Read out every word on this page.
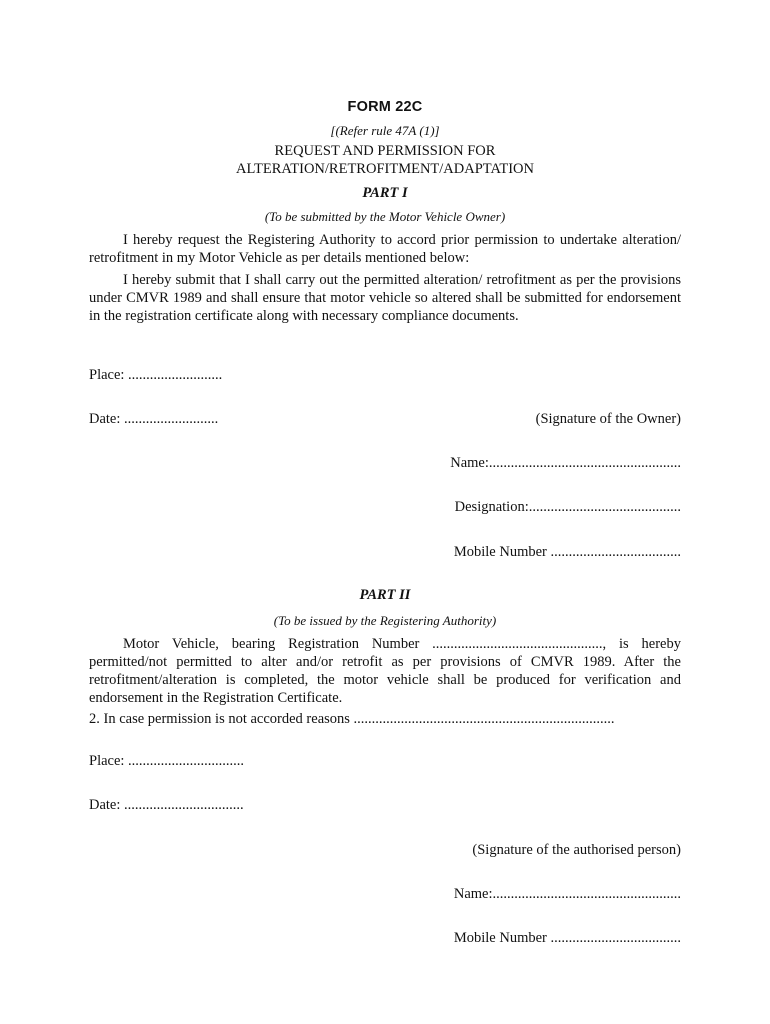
FORM 22C
[(Refer rule 47A (1)]
REQUEST AND PERMISSION FOR
ALTERATION/RETROFITMENT/ADAPTATION
PART I
(To be submitted by the Motor Vehicle Owner)

I hereby request the Registering Authority to accord prior permission to undertake alteration/ retrofitment in my Motor Vehicle as per details mentioned below:

I hereby submit that I shall carry out the permitted alteration/ retrofitment as per the provisions under CMVR 1989 and shall ensure that motor vehicle so altered shall be submitted for endorsement in the registration certificate along with necessary compliance documents.

Place: ..........................
Date: ..........................	(Signature of the Owner)
Name:.....................................................
Designation:..........................................
Mobile Number ....................................
PART II
(To be issued by the Registering Authority)

Motor Vehicle, bearing Registration Number ..............................................., is hereby permitted/not permitted to alter and/or retrofit as per provisions of CMVR 1989. After the retrofitment/alteration is completed, the motor vehicle shall be produced for verification and endorsement in the Registration Certificate.

2. In case permission is not accorded reasons ........................................................................

Place: ................................
Date: .................................
(Signature of the authorised person)
Name:....................................................
Mobile Number ....................................
